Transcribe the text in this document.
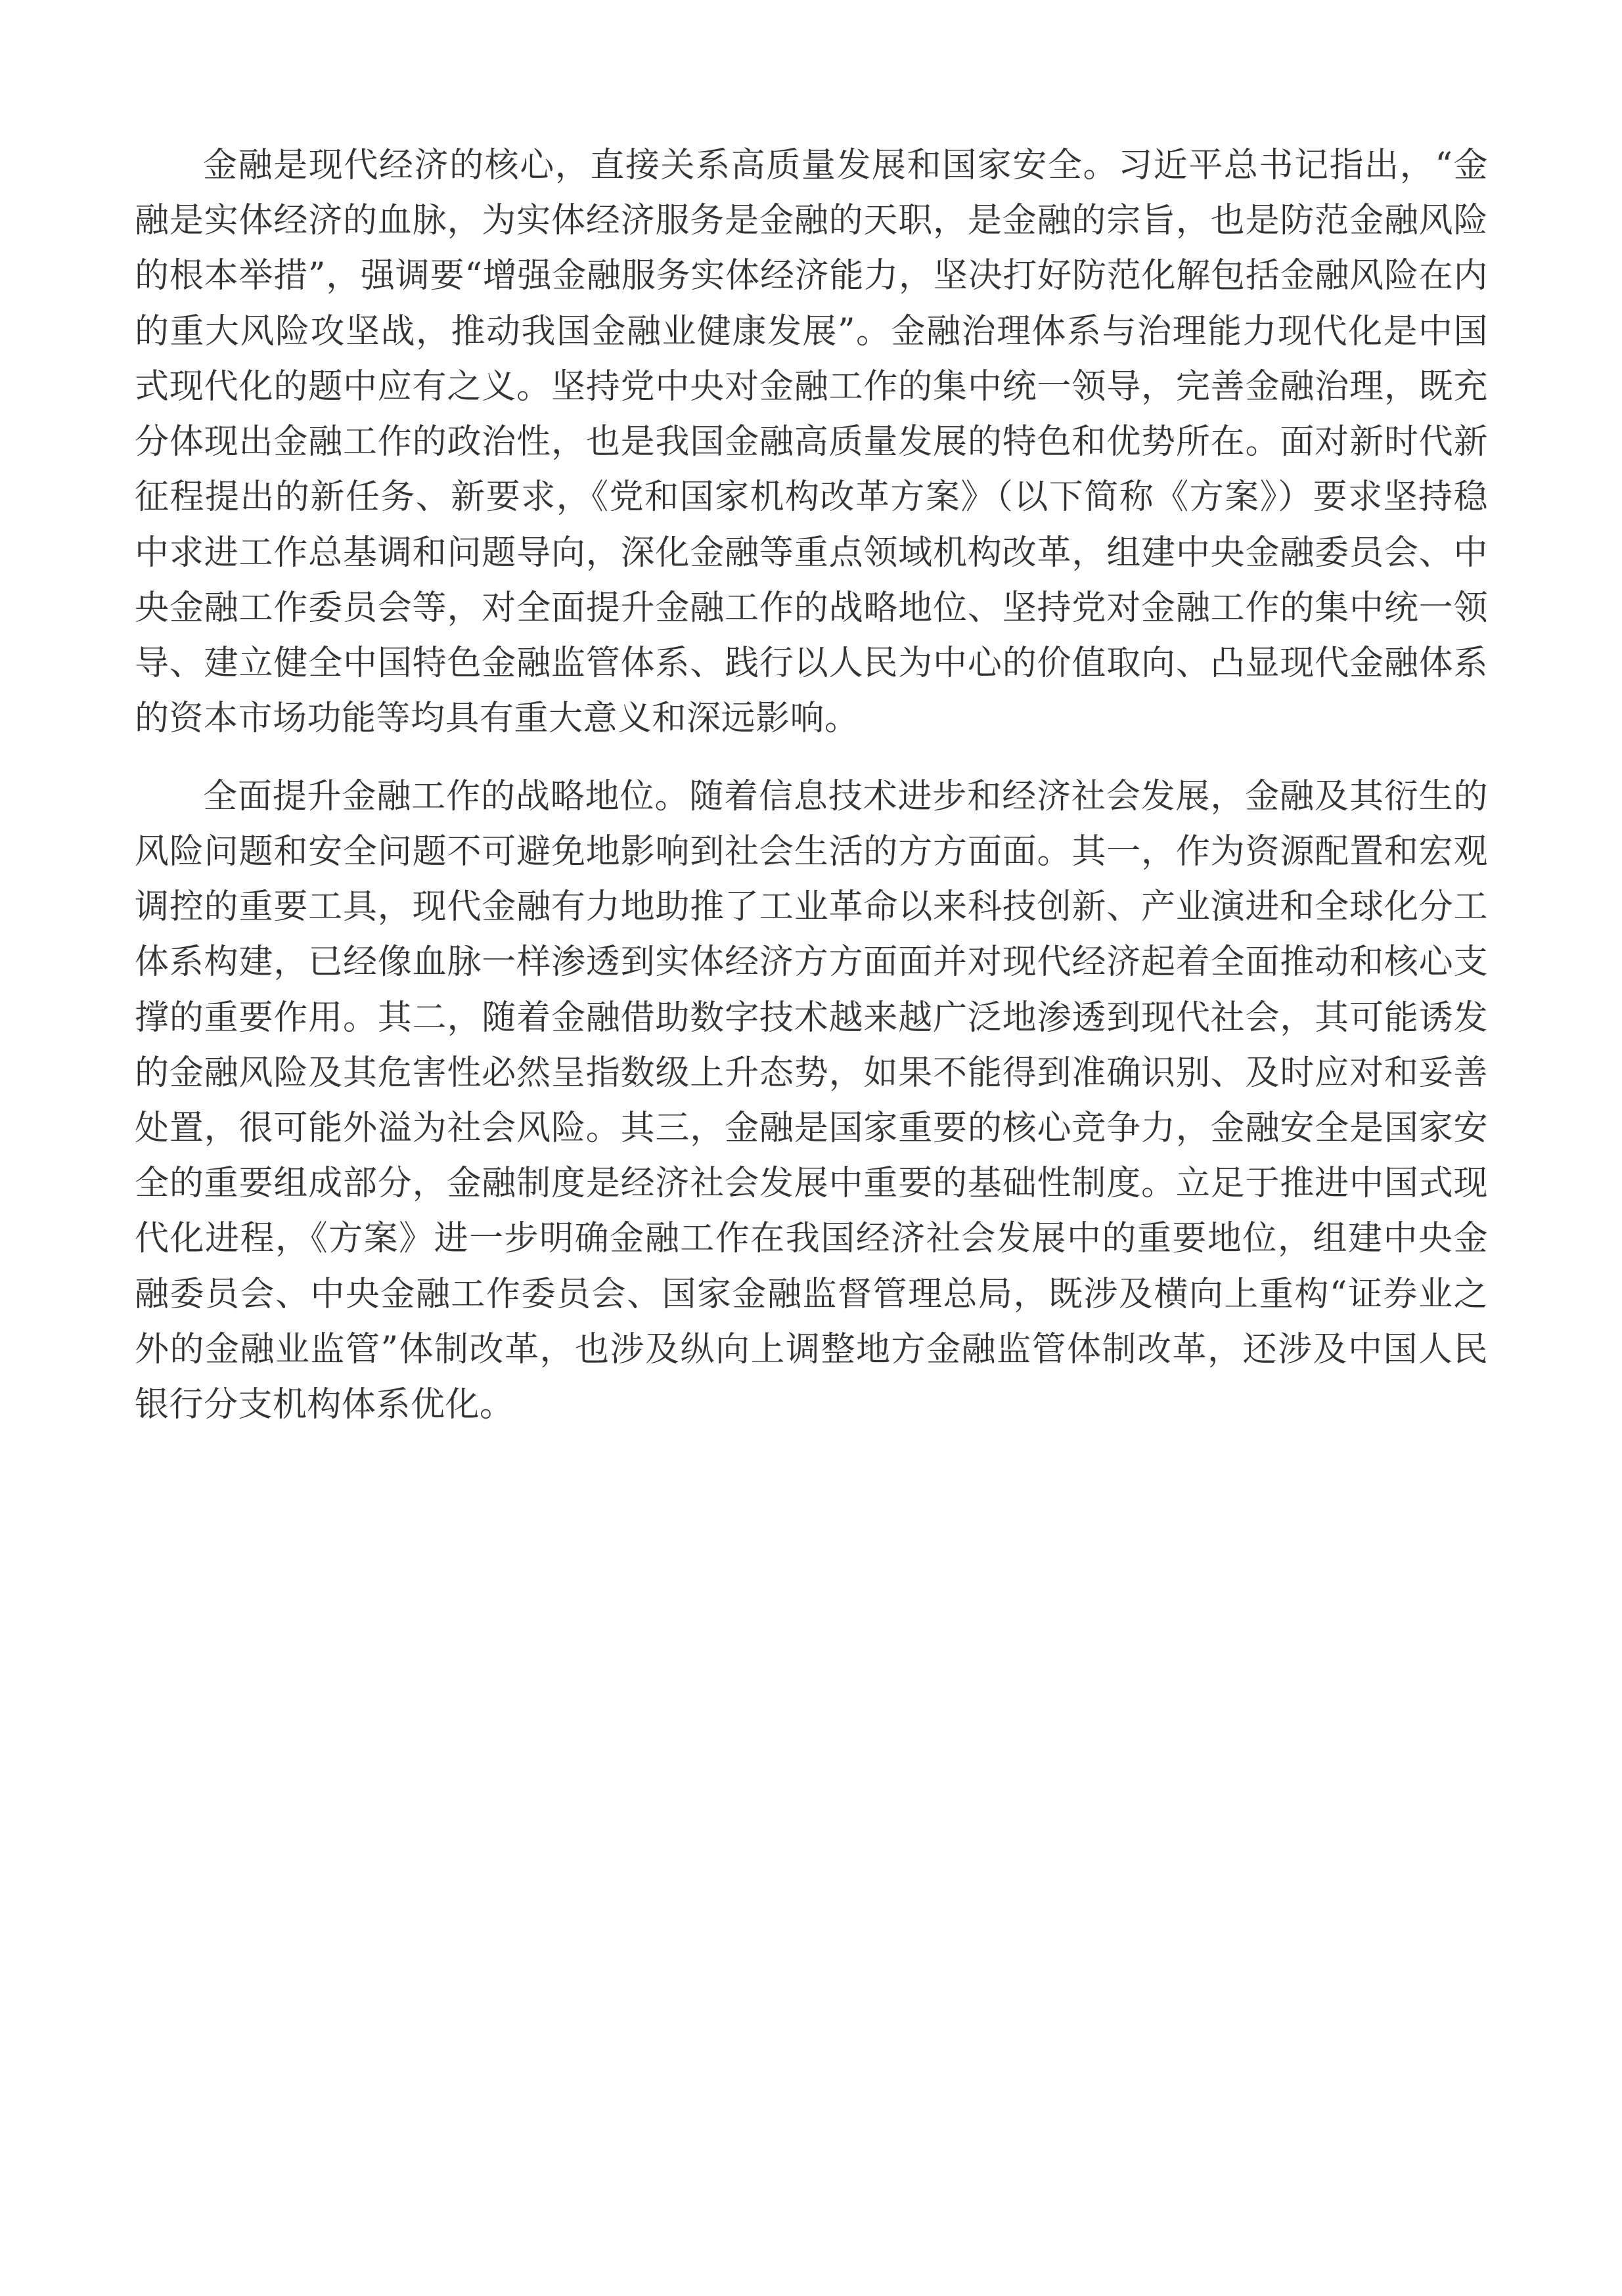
金融是现代经济的核心，直接关系高质量发展和国家安全。习近平总书记指出，“金融是实体经济的血脉，为实体经济服务是金融的天职，是金融的宗旨，也是防范金融风险的根本举措”，强调要“增强金融服务实体经济能力，坚决打好防范化解包括金融风险在内的重大风险攻坚战，推动我国金融业健康发展”。金融治理体系与治理能力现代化是中国式现代化的题中应有之义。坚持党中央对金融工作的集中统一领导，完善金融治理，既充分体现出金融工作的政治性，也是我国金融高质量发展的特色和优势所在。面对新时代新征程提出的新任务、新要求，《党和国家机构改革方案》（以下简称《方案》）要求坚持稳中求进工作总基调和问题导向，深化金融等重点领域机构改革，组建中央金融委员会、中央金融工作委员会等，对全面提升金融工作的战略地位、坚持党对金融工作的集中统一领导、建立健全中国特色金融监管体系、践行以人民为中心的价值取向、凸显现代金融体系的资本市场功能等均具有重大意义和深远影响。

全面提升金融工作的战略地位。随着信息技术进步和经济社会发展，金融及其衍生的风险问题和安全问题不可避免地影响到社会生活的方方面面。其一，作为资源配置和宏观调控的重要工具，现代金融有力地助推了工业革命以来科技创新、产业演进和全球化分工体系构建，已经像血脉一样渗透到实体经济方方面面并对现代经济起着全面推动和核心支撑的重要作用。其二，随着金融借助数字技术越来越广泛地渗透到现代社会，其可能诱发的金融风险及其危害性必然呈指数级上升态势，如果不能得到准确识别、及时应对和妥善处置，很可能外溢为社会风险。其三，金融是国家重要的核心竞争力，金融安全是国家安全的重要组成部分，金融制度是经济社会发展中重要的基础性制度。立足于推进中国式现代化进程，《方案》进一步明确金融工作在我国经济社会发展中的重要地位，组建中央金融委员会、中央金融工作委员会、国家金融监督管理总局，既涉及横向上重构“证券业之外的金融业监管”体制改革，也涉及纵向上调整地方金融监管体制改革，还涉及中国人民银行分支机构体系优化。
